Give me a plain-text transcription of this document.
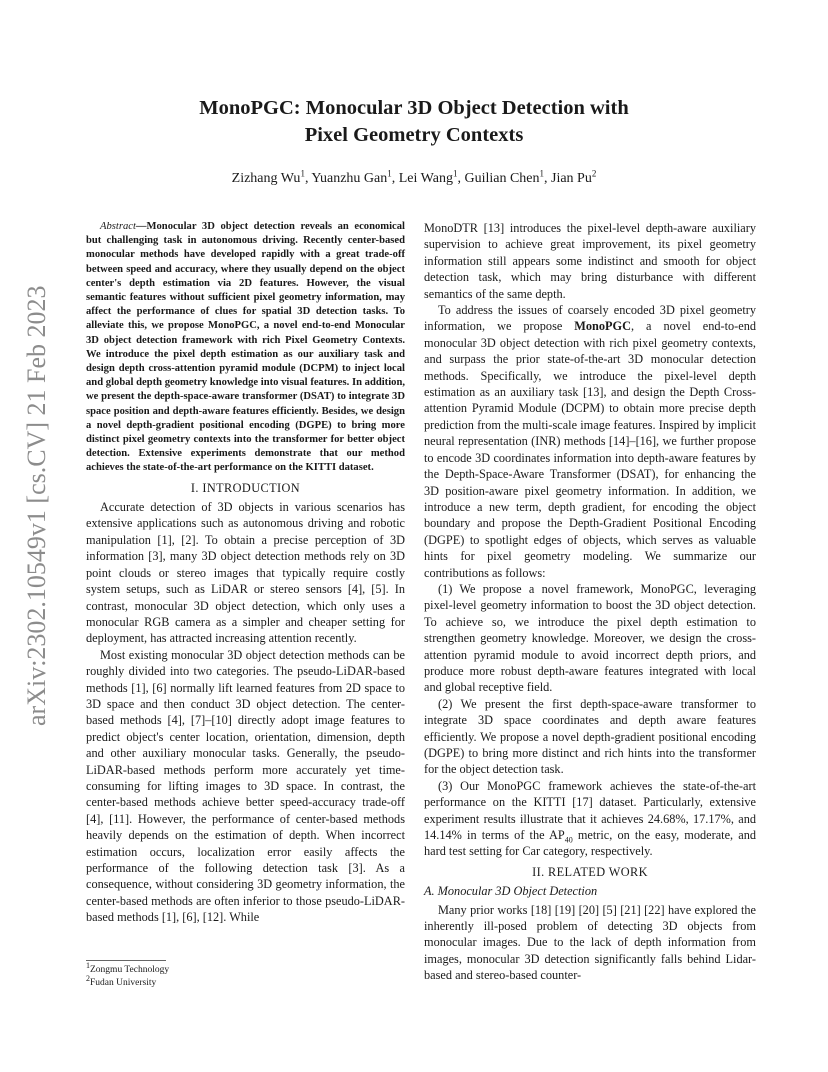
arXiv:2302.10549v1 [cs.CV] 21 Feb 2023
MonoPGC: Monocular 3D Object Detection with
Pixel Geometry Contexts
Zizhang Wu$^1$, Yuanzhu Gan$^1$, Lei Wang$^1$, Guilian Chen$^1$, Jian Pu$^2$
Abstract—Monocular 3D object detection reveals an economical but challenging task in autonomous driving. Recently center-based monocular methods have developed rapidly with a great trade-off between speed and accuracy, where they usually depend on the object center's depth estimation via 2D features. However, the visual semantic features without sufficient pixel geometry information, may affect the performance of clues for spatial 3D detection tasks. To alleviate this, we propose MonoPGC, a novel end-to-end Monocular 3D object detection framework with rich Pixel Geometry Contexts. We introduce the pixel depth estimation as our auxiliary task and design depth cross-attention pyramid module (DCPM) to inject local and global depth geometry knowledge into visual features. In addition, we present the depth-space-aware transformer (DSAT) to integrate 3D space position and depth-aware features efficiently. Besides, we design a novel depth-gradient positional encoding (DGPE) to bring more distinct pixel geometry contexts into the transformer for better object detection. Extensive experiments demonstrate that our method achieves the state-of-the-art performance on the KITTI dataset.
I. INTRODUCTION

Accurate detection of 3D objects in various scenarios has extensive applications such as autonomous driving and robotic manipulation [1], [2]. To obtain a precise perception of 3D information [3], many 3D object detection methods rely on 3D point clouds or stereo images that typically require costly system setups, such as LiDAR or stereo sensors [4], [5]. In contrast, monocular 3D object detection, which only uses a monocular RGB camera as a simpler and cheaper setting for deployment, has attracted increasing attention recently.

Most existing monocular 3D object detection methods can be roughly divided into two categories. The pseudo-LiDAR-based methods [1], [6] normally lift learned features from 2D space to 3D space and then conduct 3D object detection. The center-based methods [4], [7]–[10] directly adopt image features to predict object's center location, orientation, dimension, depth and other auxiliary monocular tasks. Generally, the pseudo-LiDAR-based methods perform more accurately yet time-consuming for lifting images to 3D space. In contrast, the center-based methods achieve better speed-accuracy trade-off [4], [11]. However, the performance of center-based methods heavily depends on the estimation of depth. When incorrect estimation occurs, localization error easily affects the performance of the following detection task [3]. As a consequence, without considering 3D geometry information, the center-based methods are often inferior to those pseudo-LiDAR-based methods [1], [6], [12]. While

$^1$Zongmu Technology
$^2$Fudan University

MonoDTR [13] introduces the pixel-level depth-aware auxiliary supervision to achieve great improvement, its pixel geometry information still appears some indistinct and smooth for object detection task, which may bring disturbance with different semantics of the same depth.

To address the issues of coarsely encoded 3D pixel geometry information, we propose MonoPGC, a novel end-to-end monocular 3D object detection with rich pixel geometry contexts, and surpass the prior state-of-the-art 3D monocular detection methods. Specifically, we introduce the pixel-level depth estimation as an auxiliary task [13], and design the Depth Cross-attention Pyramid Module (DCPM) to obtain more precise depth prediction from the multi-scale image features. Inspired by implicit neural representation (INR) methods [14]–[16], we further propose to encode 3D coordinates information into depth-aware features by the Depth-Space-Aware Transformer (DSAT), for enhancing the 3D position-aware pixel geometry information. In addition, we introduce a new term, depth gradient, for encoding the object boundary and propose the Depth-Gradient Positional Encoding (DGPE) to spotlight edges of objects, which serves as valuable hints for pixel geometry modeling. We summarize our contributions as follows:

(1) We propose a novel framework, MonoPGC, leveraging pixel-level geometry information to boost the 3D object detection. To achieve so, we introduce the pixel depth estimation to strengthen geometry knowledge. Moreover, we design the cross-attention pyramid module to avoid incorrect depth priors, and produce more robust depth-aware features integrated with local and global receptive field.

(2) We present the first depth-space-aware transformer to integrate 3D space coordinates and depth aware features efficiently. We propose a novel depth-gradient positional encoding (DGPE) to bring more distinct and rich hints into the transformer for the object detection task.

(3) Our MonoPGC framework achieves the state-of-the-art performance on the KITTI [17] dataset. Particularly, extensive experiment results illustrate that it achieves 24.68%, 17.17%, and 14.14% in terms of the $AP_{40}$ metric, on the easy, moderate, and hard test setting for Car category, respectively.

II. RELATED WORK
A. Monocular 3D Object Detection

Many prior works [18] [19] [20] [5] [21] [22] have explored the inherently ill-posed problem of detecting 3D objects from monocular images. Due to the lack of depth information from images, monocular 3D detection significantly falls behind Lidar-based and stereo-based counter-
